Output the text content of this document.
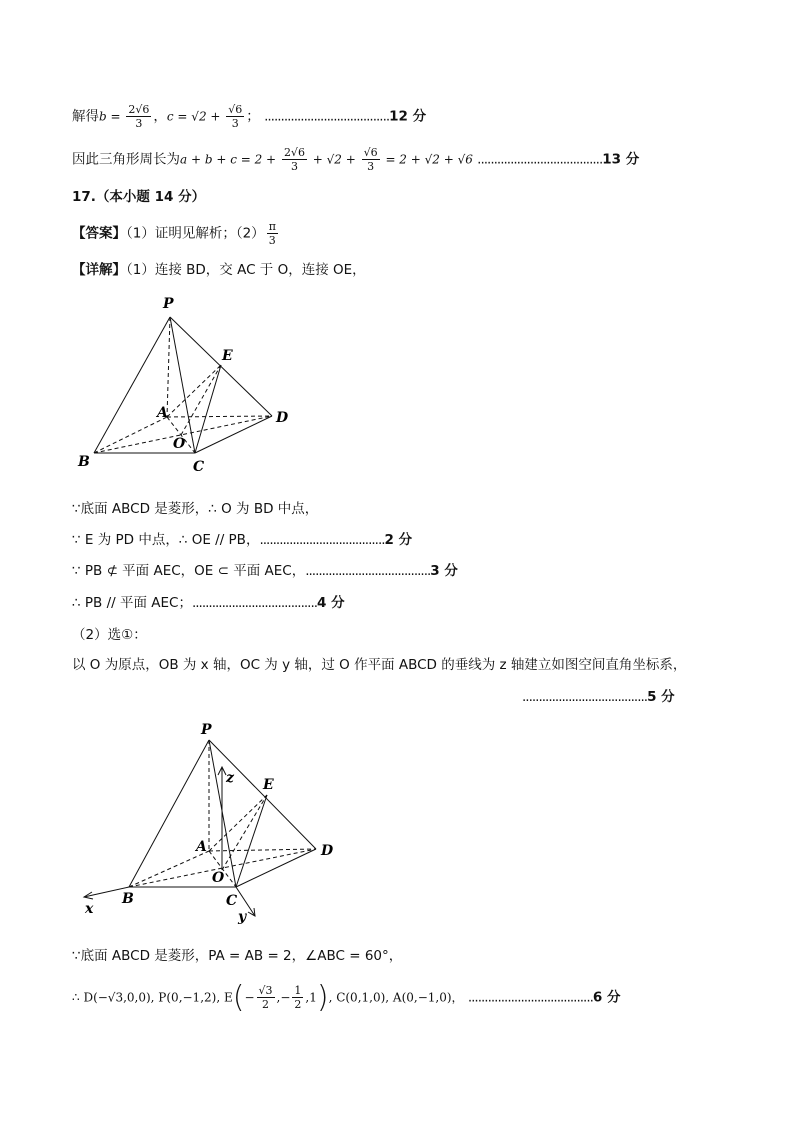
解得$b = \frac{2√6}{3}$ ，$c = √2 + \frac{√6}{3}$ ； ......................................12 分
因此三角形周长为$a + b + c = 2 + \frac{2√6}{3} + √2 + \frac{√6}{3} = 2 + √2 + √6$ ......................................13 分
17.（本小题 14 分）
【答案】（1）证明见解析；$(2) \frac{\pi}{3}$
【详解】（1）连接 BD，交 AC 于 O，连接 OE，
P
E
A	D
O
B	C
∵底面 ABCD 是菱形，∴ O 为 BD 中点，
∵ E 为 PD 中点，∴ OE // PB，......................................2 分
∵ PB ⊄ 平面 AEC，OE ⊂ 平面 AEC，......................................3 分
∴ PB // 平面 AEC；......................................4 分
（2）选①：
以 O 为原点，OB 为 x 轴，OC 为 y 轴，过 O 作平面 ABCD 的垂线为 z 轴建立如图空间直角坐标系，
......................................5 分
P
z E
A	D
O
x
B	C
y
∵底面 ABCD 是菱形，PA = AB = 2，∠ABC = 60°，
∴ D(−√3,0,0), P(0,−1,2), $E(- \frac{√3}{2}$ ,− $\frac{1}{2} ,1$), C(0,1,0), A(0,−1,0)， ......................................6 分
